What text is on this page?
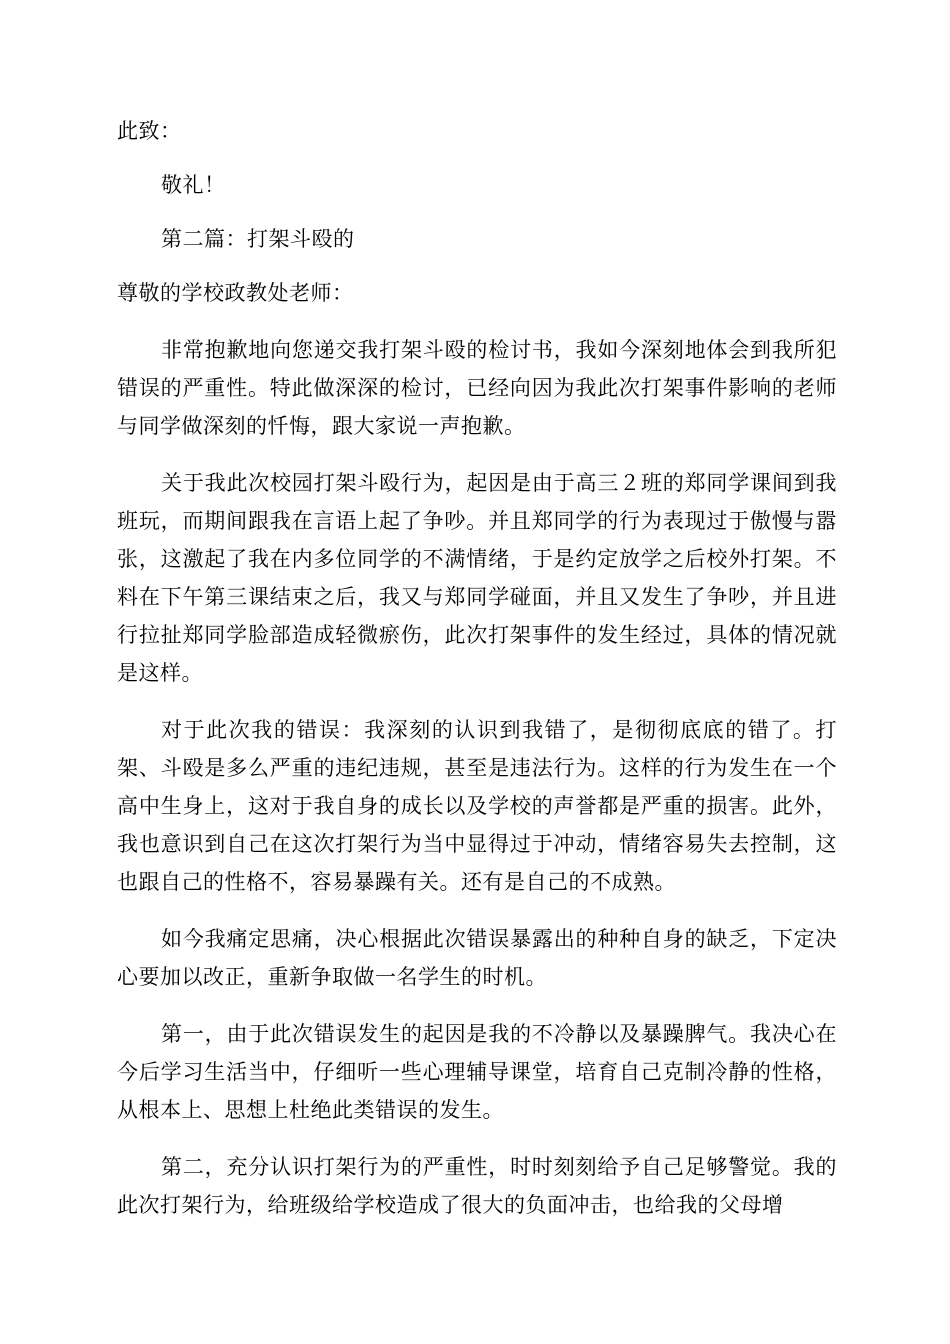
此致：

敬礼！

第二篇：打架斗殴的

尊敬的学校政教处老师：

非常抱歉地向您递交我打架斗殴的检讨书，我如今深刻地体会到我所犯错误的严重性。特此做深深的检讨，已经向因为我此次打架事件影响的老师与同学做深刻的忏悔，跟大家说一声抱歉。

关于我此次校园打架斗殴行为，起因是由于高三２班的郑同学课间到我班玩，而期间跟我在言语上起了争吵。并且郑同学的行为表现过于傲慢与嚣张，这激起了我在内多位同学的不满情绪，于是约定放学之后校外打架。不料在下午第三课结束之后，我又与郑同学碰面，并且又发生了争吵，并且进行拉扯郑同学脸部造成轻微瘀伤，此次打架事件的发生经过，具体的情况就是这样。

对于此次我的错误：我深刻的认识到我错了，是彻彻底底的错了。打架、斗殴是多么严重的违纪违规，甚至是违法行为。这样的行为发生在一个高中生身上，这对于我自身的成长以及学校的声誉都是严重的损害。此外，我也意识到自己在这次打架行为当中显得过于冲动，情绪容易失去控制，这也跟自己的性格不，容易暴躁有关。还有是自己的不成熟。

如今我痛定思痛，决心根据此次错误暴露出的种种自身的缺乏，下定决心要加以改正，重新争取做一名学生的时机。

第一，由于此次错误发生的起因是我的不冷静以及暴躁脾气。我决心在今后学习生活当中，仔细听一些心理辅导课堂，培育自己克制冷静的性格，从根本上、思想上杜绝此类错误的发生。

第二，充分认识打架行为的严重性，时时刻刻给予自己足够警觉。我的此次打架行为，给班级给学校造成了很大的负面冲击，也给我的父母增
